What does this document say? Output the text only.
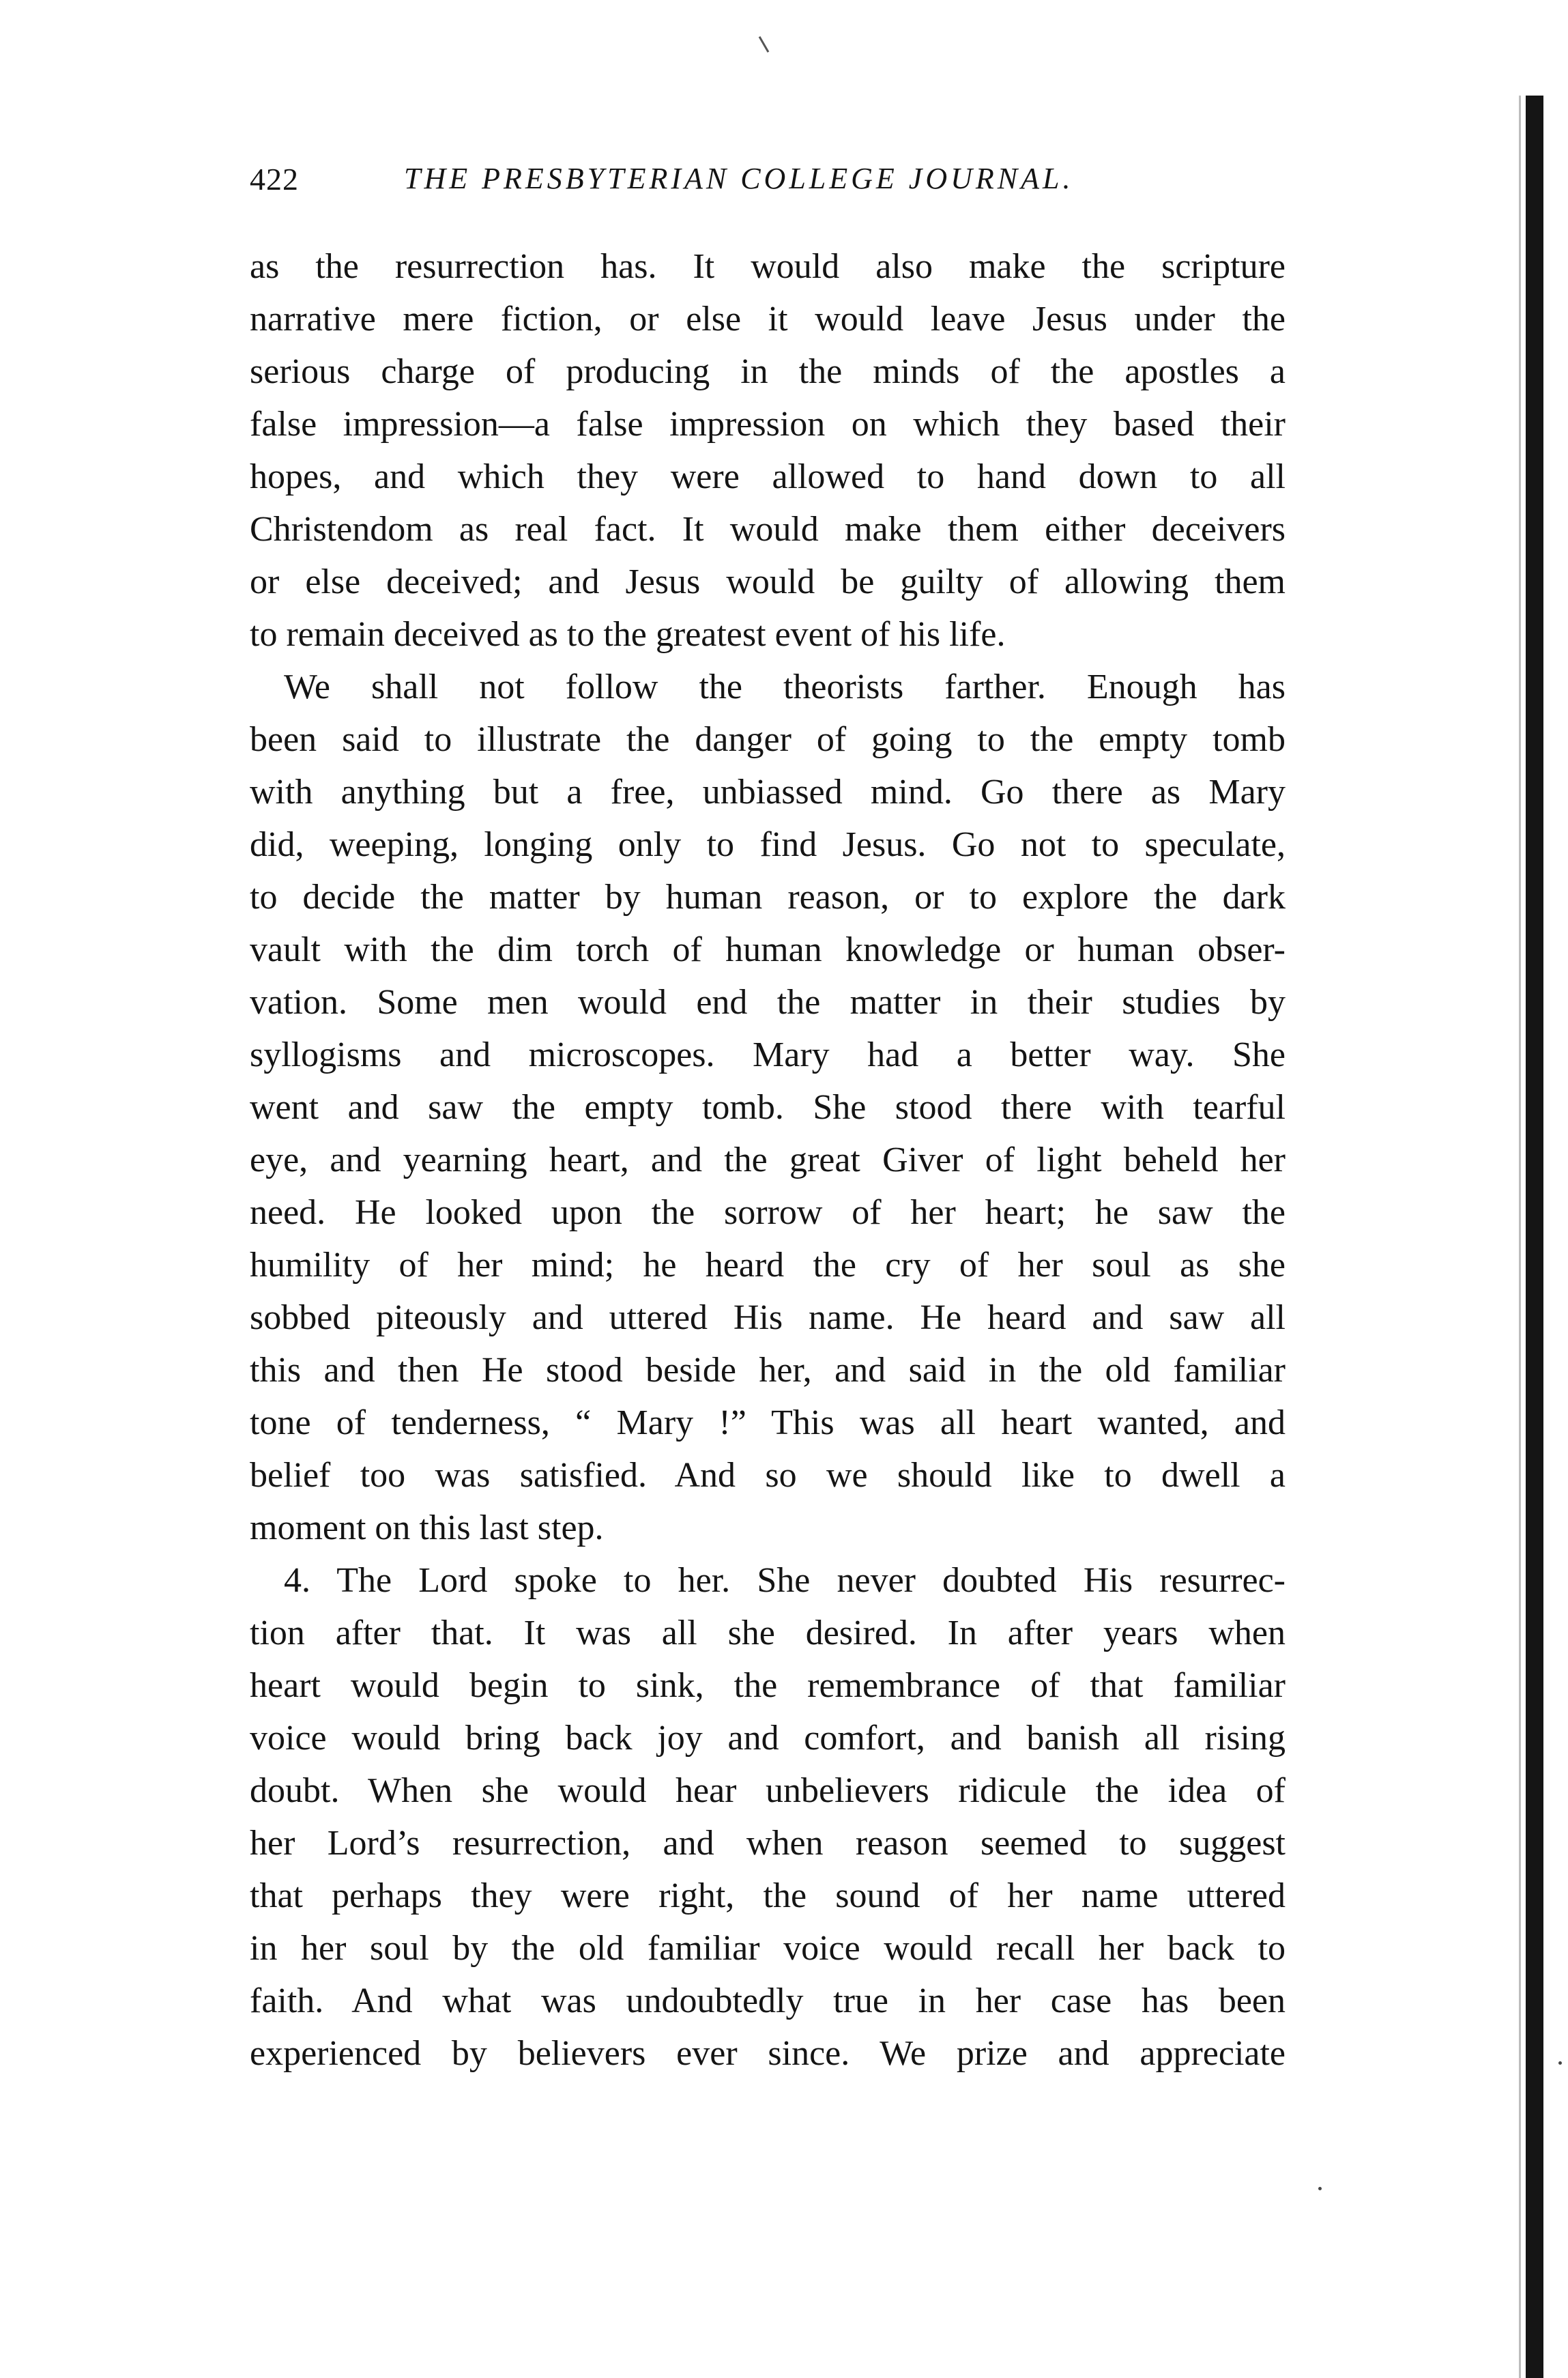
422	THE PRESBYTERIAN COLLEGE JOURNAL.
as the resurrection has. It would also make the scripture
narrative mere fiction, or else it would leave Jesus under the
serious charge of producing in the minds of the apostles a
false impression—a false impression on which they based their
hopes, and which they were allowed to hand down to all
Christendom as real fact. It would make them either deceivers
or else deceived; and Jesus would be guilty of allowing them
to remain deceived as to the greatest event of his life.
We shall not follow the theorists farther. Enough has
been said to illustrate the danger of going to the empty tomb
with anything but a free, unbiassed mind. Go there as Mary
did, weeping, longing only to find Jesus. Go not to speculate,
to decide the matter by human reason, or to explore the dark
vault with the dim torch of human knowledge or human obser-
vation. Some men would end the matter in their studies by
syllogisms and microscopes. Mary had a better way. She
went and saw the empty tomb. She stood there with tearful
eye, and yearning heart, and the great Giver of light beheld her
need. He looked upon the sorrow of her heart; he saw the
humility of her mind; he heard the cry of her soul as she
sobbed piteously and uttered His name. He heard and saw all
this and then He stood beside her, and said in the old familiar
tone of tenderness, “ Mary !” This was all heart wanted, and
belief too was satisfied. And so we should like to dwell a
moment on this last step.
4. The Lord spoke to her. She never doubted His resurrec-
tion after that. It was all she desired. In after years when
heart would begin to sink, the remembrance of that familiar
voice would bring back joy and comfort, and banish all rising
doubt. When she would hear unbelievers ridicule the idea of
her Lord’s resurrection, and when reason seemed to suggest
that perhaps they were right, the sound of her name uttered
in her soul by the old familiar voice would recall her back to
faith. And what was undoubtedly true in her case has been
experienced by believers ever since. We prize and appreciate
